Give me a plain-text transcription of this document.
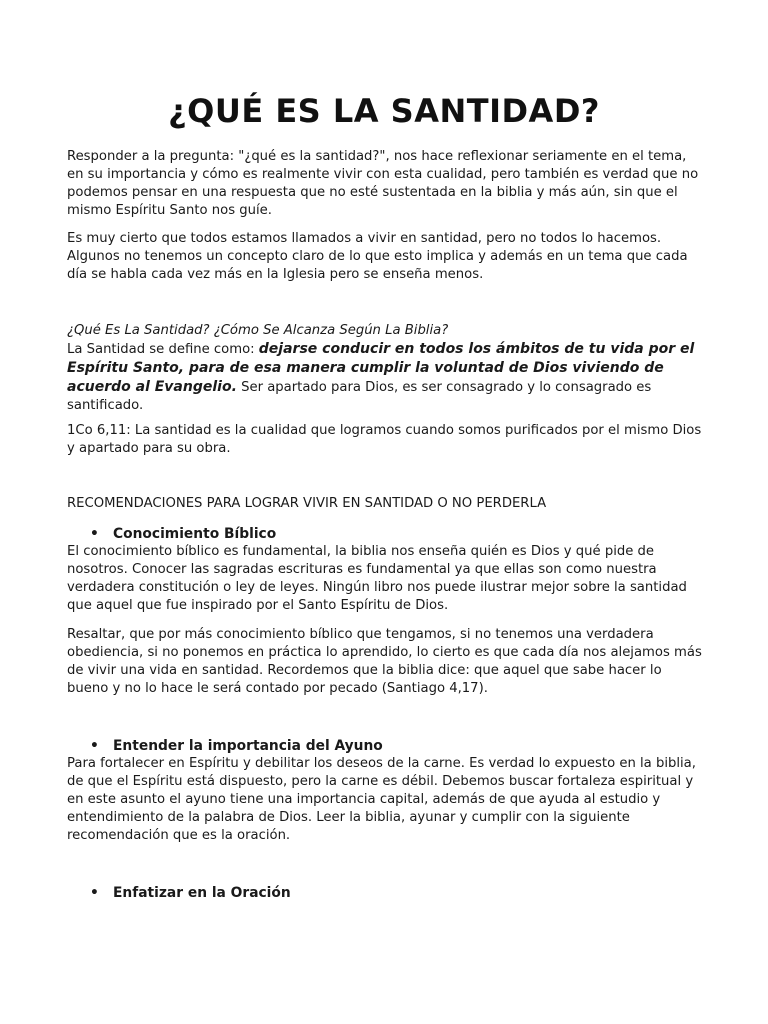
¿QUÉ ES LA SANTIDAD?

Responder a la pregunta: "¿qué es la santidad?", nos hace reflexionar seriamente en el tema, en su importancia y cómo es realmente vivir con esta cualidad, pero también es verdad que no podemos pensar en una respuesta que no esté sustentada en la biblia y más aún, sin que el mismo Espíritu Santo nos guíe.

Es muy cierto que todos estamos llamados a vivir en santidad, pero no todos lo hacemos. Algunos no tenemos un concepto claro de lo que esto implica y además en un tema que cada día se habla cada vez más en la Iglesia pero se enseña menos.

¿Qué Es La Santidad? ¿Cómo Se Alcanza Según La Biblia?

La Santidad se define como: dejarse conducir en todos los ámbitos de tu vida por el Espíritu Santo, para de esa manera cumplir la voluntad de Dios viviendo de acuerdo al Evangelio. Ser apartado para Dios, es ser consagrado y lo consagrado es santificado.

1Co 6,11: La santidad es la cualidad que logramos cuando somos purificados por el mismo Dios y apartado para su obra.

RECOMENDACIONES PARA LOGRAR VIVIR EN SANTIDAD O NO PERDERLA

• Conocimiento Bíblico

El conocimiento bíblico es fundamental, la biblia nos enseña quién es Dios y qué pide de nosotros. Conocer las sagradas escrituras es fundamental ya que ellas son como nuestra verdadera constitución o ley de leyes. Ningún libro nos puede ilustrar mejor sobre la santidad que aquel que fue inspirado por el Santo Espíritu de Dios.

Resaltar, que por más conocimiento bíblico que tengamos, si no tenemos una verdadera obediencia, si no ponemos en práctica lo aprendido, lo cierto es que cada día nos alejamos más de vivir una vida en santidad. Recordemos que la biblia dice: que aquel que sabe hacer lo bueno y no lo hace le será contado por pecado (Santiago 4,17).

• Entender la importancia del Ayuno

Para fortalecer en Espíritu y debilitar los deseos de la carne. Es verdad lo expuesto en la biblia, de que el Espíritu está dispuesto, pero la carne es débil. Debemos buscar fortaleza espiritual y en este asunto el ayuno tiene una importancia capital, además de que ayuda al estudio y entendimiento de la palabra de Dios. Leer la biblia, ayunar y cumplir con la siguiente recomendación que es la oración.

• Enfatizar en la Oración
